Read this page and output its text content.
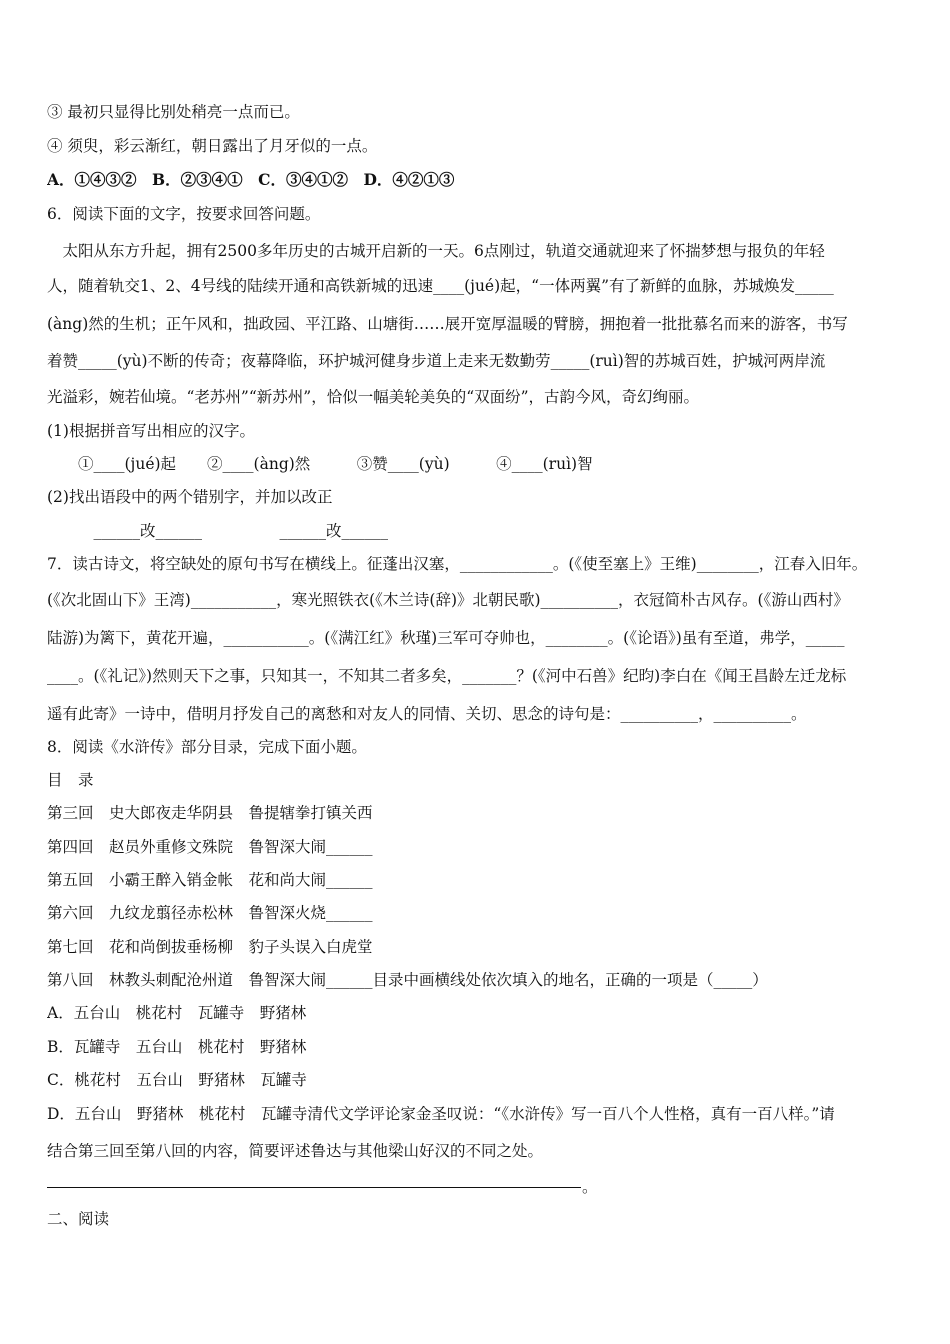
③ 最初只显得比别处稍亮一点而已。
④ 须臾，彩云渐红，朝日露出了月牙似的一点。
A．①④③②　B．②③④①　C．③④①②　D．④②①③
6．阅读下面的文字，按要求回答问题。
　太阳从东方升起，拥有2500多年历史的古城开启新的一天。6点刚过，轨道交通就迎来了怀揣梦想与报负的年轻
人，随着轨交1、2、4号线的陆续开通和高铁新城的迅速____(jué)起，“一体两翼”有了新鲜的血脉，苏城焕发_____
(àng)然的生机；正午风和，拙政园、平江路、山塘街……展开宽厚温暖的臂膀，拥抱着一批批慕名而来的游客，书写
着赞_____(yù)不断的传奇；夜幕降临，环护城河健身步道上走来无数勤劳_____(ruì)智的苏城百姓，护城河两岸流
光溢彩，婉若仙境。“老苏州”“新苏州”，恰似一幅美轮美奂的“双面纷”，古韵今风，奇幻绚丽。
(1)根据拼音写出相应的汉字。
　　①____(jué)起　　②____(àng)然　　　③赞____(yù)　　　④____(ruì)智
(2)找出语段中的两个错别字，并加以改正
　　　______改______　　　　　______改______
7．读古诗文，将空缺处的原句书写在横线上。征蓬出汉塞，____________。(《使至塞上》王维)________，江春入旧年。
(《次北固山下》王湾)___________，寒光照铁衣(《木兰诗(辞)》北朝民歌)__________，衣冠简朴古风存。(《游山西村》
陆游)为篱下，黄花开遍，___________。(《满江红》秋瑾)三军可夺帅也，________。(《论语》)虽有至道，弗学，_____
____。(《礼记》)然则天下之事，只知其一，不知其二者多矣，_______？(《河中石兽》纪昀)李白在《闻王昌龄左迁龙标
遥有此寄》一诗中，借明月抒发自己的离愁和对友人的同情、关切、思念的诗句是：__________，__________。
8．阅读《水浒传》部分目录，完成下面小题。
目　录
第三回　史大郎夜走华阴县　鲁提辖拳打镇关西
第四回　赵员外重修文殊院　鲁智深大闹______
第五回　小霸王醉入销金帐　花和尚大闹______
第六回　九纹龙翦径赤松林　鲁智深火烧______
第七回　花和尚倒拔垂杨柳　豹子头误入白虎堂
第八回　林教头刺配沧州道　鲁智深大闹______目录中画横线处依次填入的地名，正确的一项是（_____）
A．五台山　桃花村　瓦罐寺　野猪林
B．瓦罐寺　五台山　桃花村　野猪林
C．桃花村　五台山　野猪林　瓦罐寺
D．五台山　野猪林　桃花村　瓦罐寺清代文学评论家金圣叹说：“《水浒传》写一百八个人性格，真有一百八样。”请
结合第三回至第八回的内容，简要评述鲁达与其他梁山好汉的不同之处。
。
二、阅读
